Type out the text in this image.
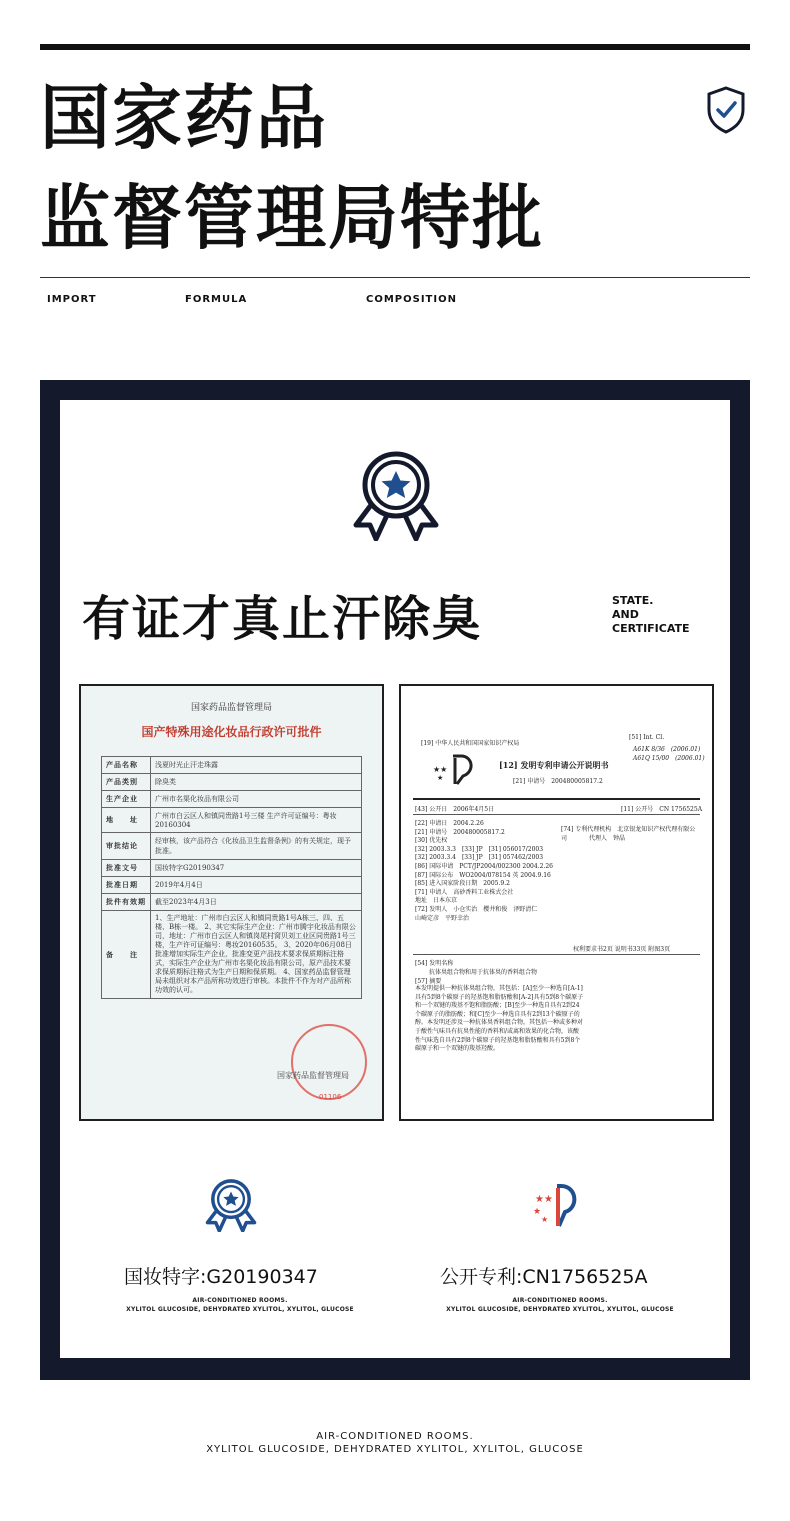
国家药品
监督管理局特批
IMPORT	FORMULA	COMPOSITION
有证才真止汗除臭	STATE.
AND
CERTIFICATE
国家药品监督管理局
国产特殊用途化妆品行政许可批件
产品名称	浅夏时光止汗走珠露
产品类别	除臭类
生产企业	广州市名渠化妆品有限公司
地　　址	广州市白云区人和镇同贵路1号三楼 生产许可证编号：粤妆20160304
审批结论	经审核，该产品符合《化妆品卫生监督条例》的有关规定，现予批准。
批准文号	国妆特字G20190347
批准日期	2019年4月4日
批件有效期	截至2023年4月3日
备　　注	1、生产地址：广州市白云区人和镇同贵路1号A栋三、四、五楼、B栋一楼。 2、其它实际生产企业：广州市腾宇化妆品有限公司，地址：广州市白云区人和镇岗尾村窝贝刘工业区同贵路1号三楼，生产许可证编号：粤妆20160535。 3、2020年06月08日批准增加实际生产企业，批准变更产品技术要求保质期标注格式，实际生产企业为广州市名渠化妆品有限公司，原产品技术要求保质期标注格式为生产日期和保质期。 4、国家药品监督管理局未组织对本产品所称功效进行审核。本批件不作为对产品所称功效的认可。
国家药品监督管理局
01106
[19] 中华人民共和国国家知识产权局
[51] Int. Cl.
A61K 8/36　(2006.01)
A61Q 15/00　(2006.01)
★★
★
[12] 发明专利申请公开说明书
[21] 申请号　200480005817.2
[43] 公开日　2006年4月5日	[11] 公开号　CN 1756525A
[22] 申请日　2004.2.26
[21] 申请号　200480005817.2
[30] 优先权
[32] 2003.3.3　[33] JP　[31] 056017/2003
[32] 2003.3.4　[33] JP　[31] 057462/2003
[86] 国际申请　PCT/JP2004/002300 2004.2.26
[87] 国际公布　WO2004/078154 英 2004.9.16
[85] 进入国家阶段日期　2005.9.2
[71] 申请人　高砂香料工业株式会社
地址　日本东京
[72] 发明人　小仓实治　樱井和俊　泽野清仁
山崎定彦　平野幸治
[74] 专利代理机构　北京银龙知识产权代理有限公司	代理人　钟晶
权利要求书2页 说明书33页 附图3页
[54] 发明名称
抗体臭组合物和用于抗体臭的香料组合物
[57] 摘要
本发明提供一种抗体臭组合物，其包括：[A]至少一种选自[A-1]具有5到8个碳原子的羟基饱和脂肪酸和[A-2]具有5到8个碳原子和一个双键的羧基不饱和脂肪酸；[B]至少一种选自具有2到24个碳原子的脂肪酸；和[C]至少一种选自具有2到13个碳原子的醇。本发明还涉及一种抗体臭香料组合物，其包括一种或多种对于酸性气味具有抗臭性能的香料和/或离和效果的化合物，该酸性气味选自具有2到8个碳原子的羟基饱和脂肪酸和具有5到8个碳原子和一个双键的羧基羟酸。
★★
★
★
国妆特字:G20190347	公开专利:CN1756525A
AIR-CONDITIONED ROOMS.
XYLITOL GLUCOSIDE, DEHYDRATED XYLITOL, XYLITOL, GLUCOSE
AIR-CONDITIONED ROOMS.
XYLITOL GLUCOSIDE, DEHYDRATED XYLITOL, XYLITOL, GLUCOSE
AIR-CONDITIONED ROOMS.
XYLITOL GLUCOSIDE, DEHYDRATED XYLITOL, XYLITOL, GLUCOSE
